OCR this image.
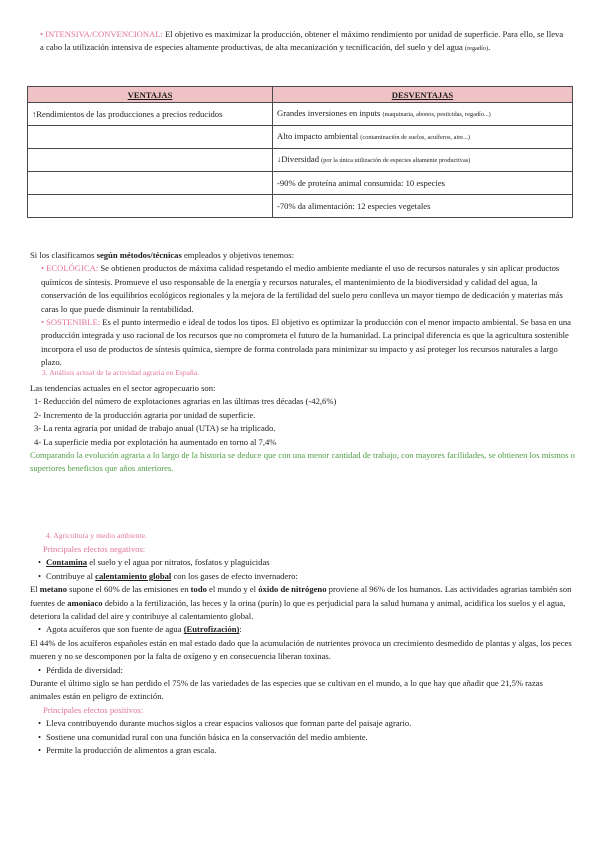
• INTENSIVA/CONVENCIONAL: El objetivo es maximizar la producción, obtener el máximo rendimiento por unidad de superficie. Para ello, se lleva a cabo la utilización intensiva de especies altamente productivas, de alta mecanización y tecnificación, del suelo y del agua (regadío).
VENTAJAS	DESVENTAJAS
↑Rendimientos de las producciones a precios reducidos	Grandes inversiones en inputs (maquinaria, abonos, pesticidas, regadío...)
	Alto impacto ambiental (contaminación de suelos, acuíferos, aire...)
	↓Diversidad (por la única utilización de especies altamente productivas)
	-90% de proteína animal consumida: 10 especies
	-70% da alimentación: 12 especies vegetales
Si los clasificamos según métodos/técnicas empleados y objetivos tenemos:
• ECOLÓGICA: Se obtienen productos de máxima calidad respetando el medio ambiente mediante el uso de recursos naturales y sin aplicar productos químicos de síntesis. Promueve el uso responsable de la energía y recursos naturales, el mantenimiento de la biodiversidad y calidad del agua, la conservación de los equilibrios ecológicos regionales y la mejora de la fertilidad del suelo pero conlleva un mayor tiempo de dedicación y materias más caras lo que puede disminuir la rentabilidad.
• SOSTENIBLE: Es el punto intermedio e ideal de todos los tipos. El objetivo es optimizar la producción con el menor impacto ambiental. Se basa en una producción integrada y uso racional de los recursos que no comprometa el futuro de la humanidad. La principal diferencia es que la agricultura sostenible incorpora el uso de productos de síntesis química, siempre de forma controlada para minimizar su impacto y así proteger los recursos naturales a largo plazo.
3. Análisis actual de la actividad agraria en España.
Las tendencias actuales en el sector agropecuario son:
1- Reducción del número de explotaciones agrarias en las últimas tres décadas (-42,6%)
2- Incremento de la producción agraria por unidad de superficie.
3- La renta agraria por unidad de trabajo anual (UTA) se ha triplicado.
4- La superficie media por explotación ha aumentado en torno al 7,4%
Comparando la evolución agraria a lo largo de la historia se deduce que con una menor cantidad de trabajo, con mayores facilidades, se obtienen los mismos o superiores beneficios que años anteriores.
4. Agricultura y medio ambiente.
Principales efectos negativos:
• Contamina el suelo y el agua por nitratos, fosfatos y plaguicidas
• Contribuye al calentamiento global con los gases de efecto invernadero:
El metano supone el 60% de las emisiones en todo el mundo y el óxido de nitrógeno proviene al 96% de los humanos. Las actividades agrarias también son fuentes de amoniaco debido a la fertilización, las heces y la orina (purín) lo que es perjudicial para la salud humana y animal, acidifica los suelos y el agua, deteriora la calidad del aire y contribuye al calentamiento global.
• Agota acuíferos que son fuente de agua (Eutrofización):
El 44% de los acuíferos españoles están en mal estado dado que la acumulación de nutrientes provoca un crecimiento desmedido de plantas y algas, los peces mueren y no se descomponen por la falta de oxígeno y en consecuencia liberan toxinas.
• Pérdida de diversidad:
Durante el último siglo se han perdido el 75% de las variedades de las especies que se cultivan en el mundo, a lo que hay que añadir que 21,5% razas animales están en peligro de extinción.
Principales efectos positivos:
• Lleva contribuyendo durante muchos siglos a crear espacios valiosos que forman parte del paisaje agrario.
• Sostiene una comunidad rural con una función básica en la conservación del medio ambiente.
• Permite la producción de alimentos a gran escala.
